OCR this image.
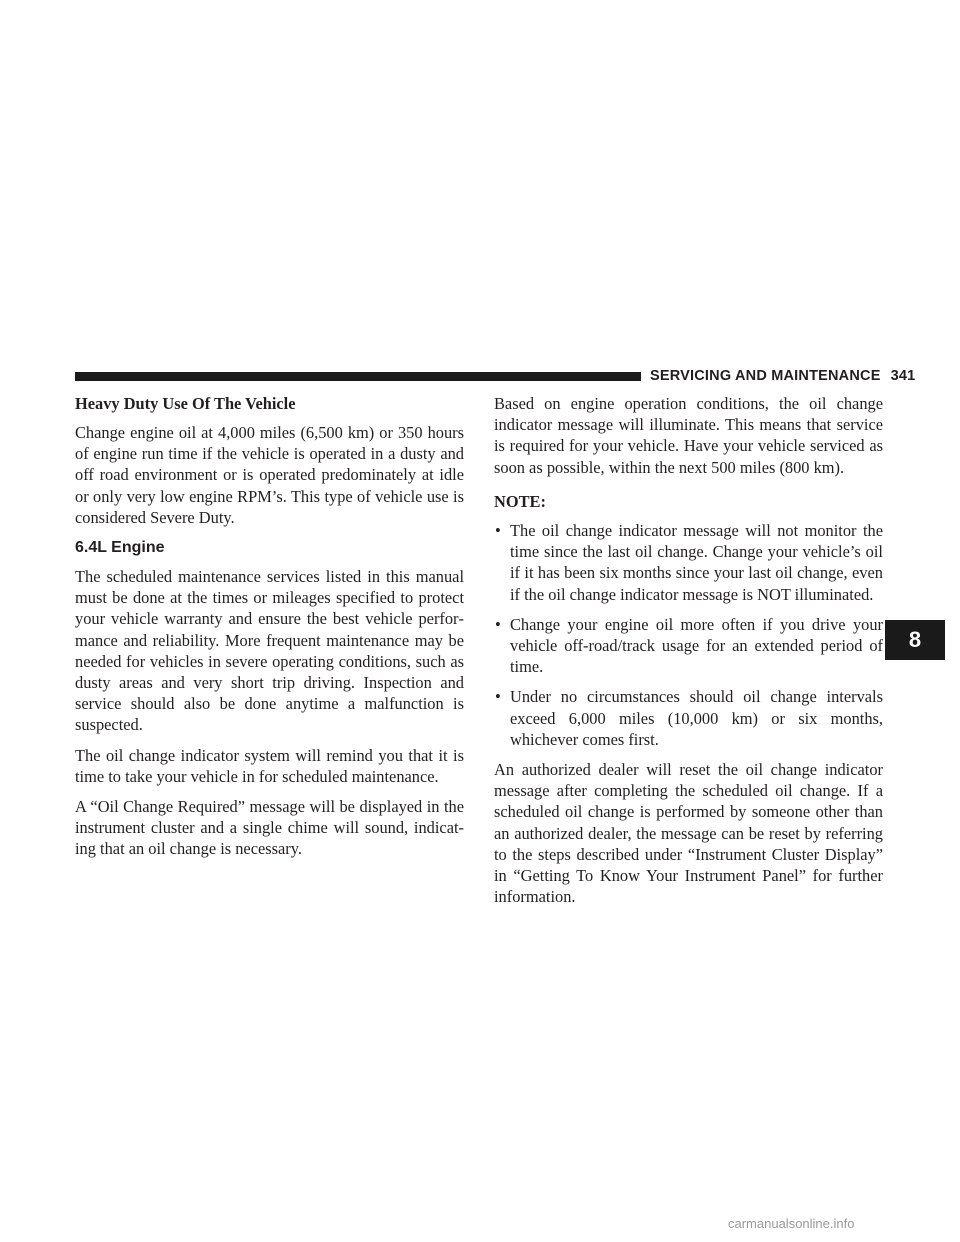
SERVICING AND MAINTENANCE 341
Heavy Duty Use Of The Vehicle

Change engine oil at 4,000 miles (6,500 km) or 350 hours of engine run time if the vehicle is operated in a dusty and off road environment or is operated predominately at idle or only very low engine RPM’s. This type of vehicle use is considered Severe Duty.

6.4L Engine

The scheduled maintenance services listed in this manual must be done at the times or mileages specified to protect your vehicle warranty and ensure the best vehicle performance and reliability. More frequent maintenance may be needed for vehicles in severe operating conditions, such as dusty areas and very short trip driving. Inspection and service should also be done anytime a malfunction is suspected.

The oil change indicator system will remind you that it is time to take your vehicle in for scheduled maintenance.

A “Oil Change Required” message will be displayed in the instrument cluster and a single chime will sound, indicating that an oil change is necessary.

Based on engine operation conditions, the oil change indicator message will illuminate. This means that service is required for your vehicle. Have your vehicle serviced as soon as possible, within the next 500 miles (800 km).

NOTE:
• The oil change indicator message will not monitor the time since the last oil change. Change your vehicle’s oil if it has been six months since your last oil change, even if the oil change indicator message is NOT illuminated.
• Change your engine oil more often if you drive your vehicle off-road/track usage for an extended period of time.
• Under no circumstances should oil change intervals exceed 6,000 miles (10,000 km) or six months, whichever comes first.

An authorized dealer will reset the oil change indicator message after completing the scheduled oil change. If a scheduled oil change is performed by someone other than an authorized dealer, the message can be reset by referring to the steps described under “Instrument Cluster Display” in “Getting To Know Your Instrument Panel” for further information.

8
carmanualsonline.info
